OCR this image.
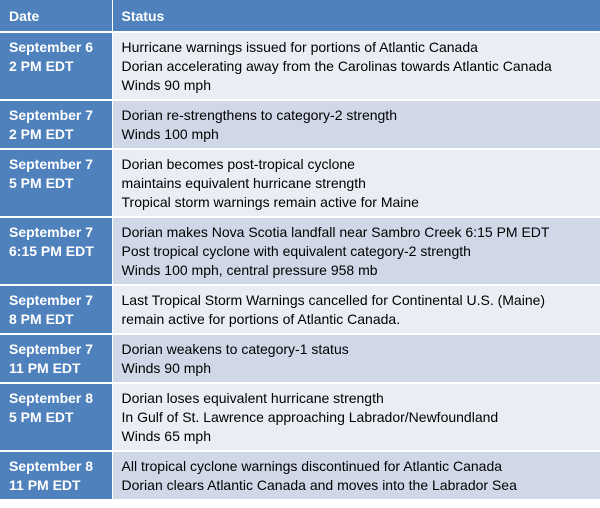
Date	Status

September 6
2 PM EDT	Hurricane warnings issued for portions of Atlantic Canada
Dorian accelerating away from the Carolinas towards Atlantic Canada
Winds 90 mph

September 7
2 PM EDT	Dorian re-strengthens to category-2 strength
Winds 100 mph

September 7
5 PM EDT	Dorian becomes post-tropical cyclone
maintains equivalent hurricane strength
Tropical storm warnings remain active for Maine

September 7
6:15 PM EDT	Dorian makes Nova Scotia landfall near Sambro Creek 6:15 PM EDT
Post tropical cyclone with equivalent category-2 strength
Winds 100 mph, central pressure 958 mb

September 7
8 PM EDT	Last Tropical Storm Warnings cancelled for Continental U.S. (Maine)
remain active for portions of Atlantic Canada.

September 7
11 PM EDT	Dorian weakens to category-1 status
Winds 90 mph

September 8
5 PM EDT	Dorian loses equivalent hurricane strength
In Gulf of St. Lawrence approaching Labrador/Newfoundland
Winds 65 mph

September 8
11 PM EDT	All tropical cyclone warnings discontinued for Atlantic Canada
Dorian clears Atlantic Canada and moves into the Labrador Sea
